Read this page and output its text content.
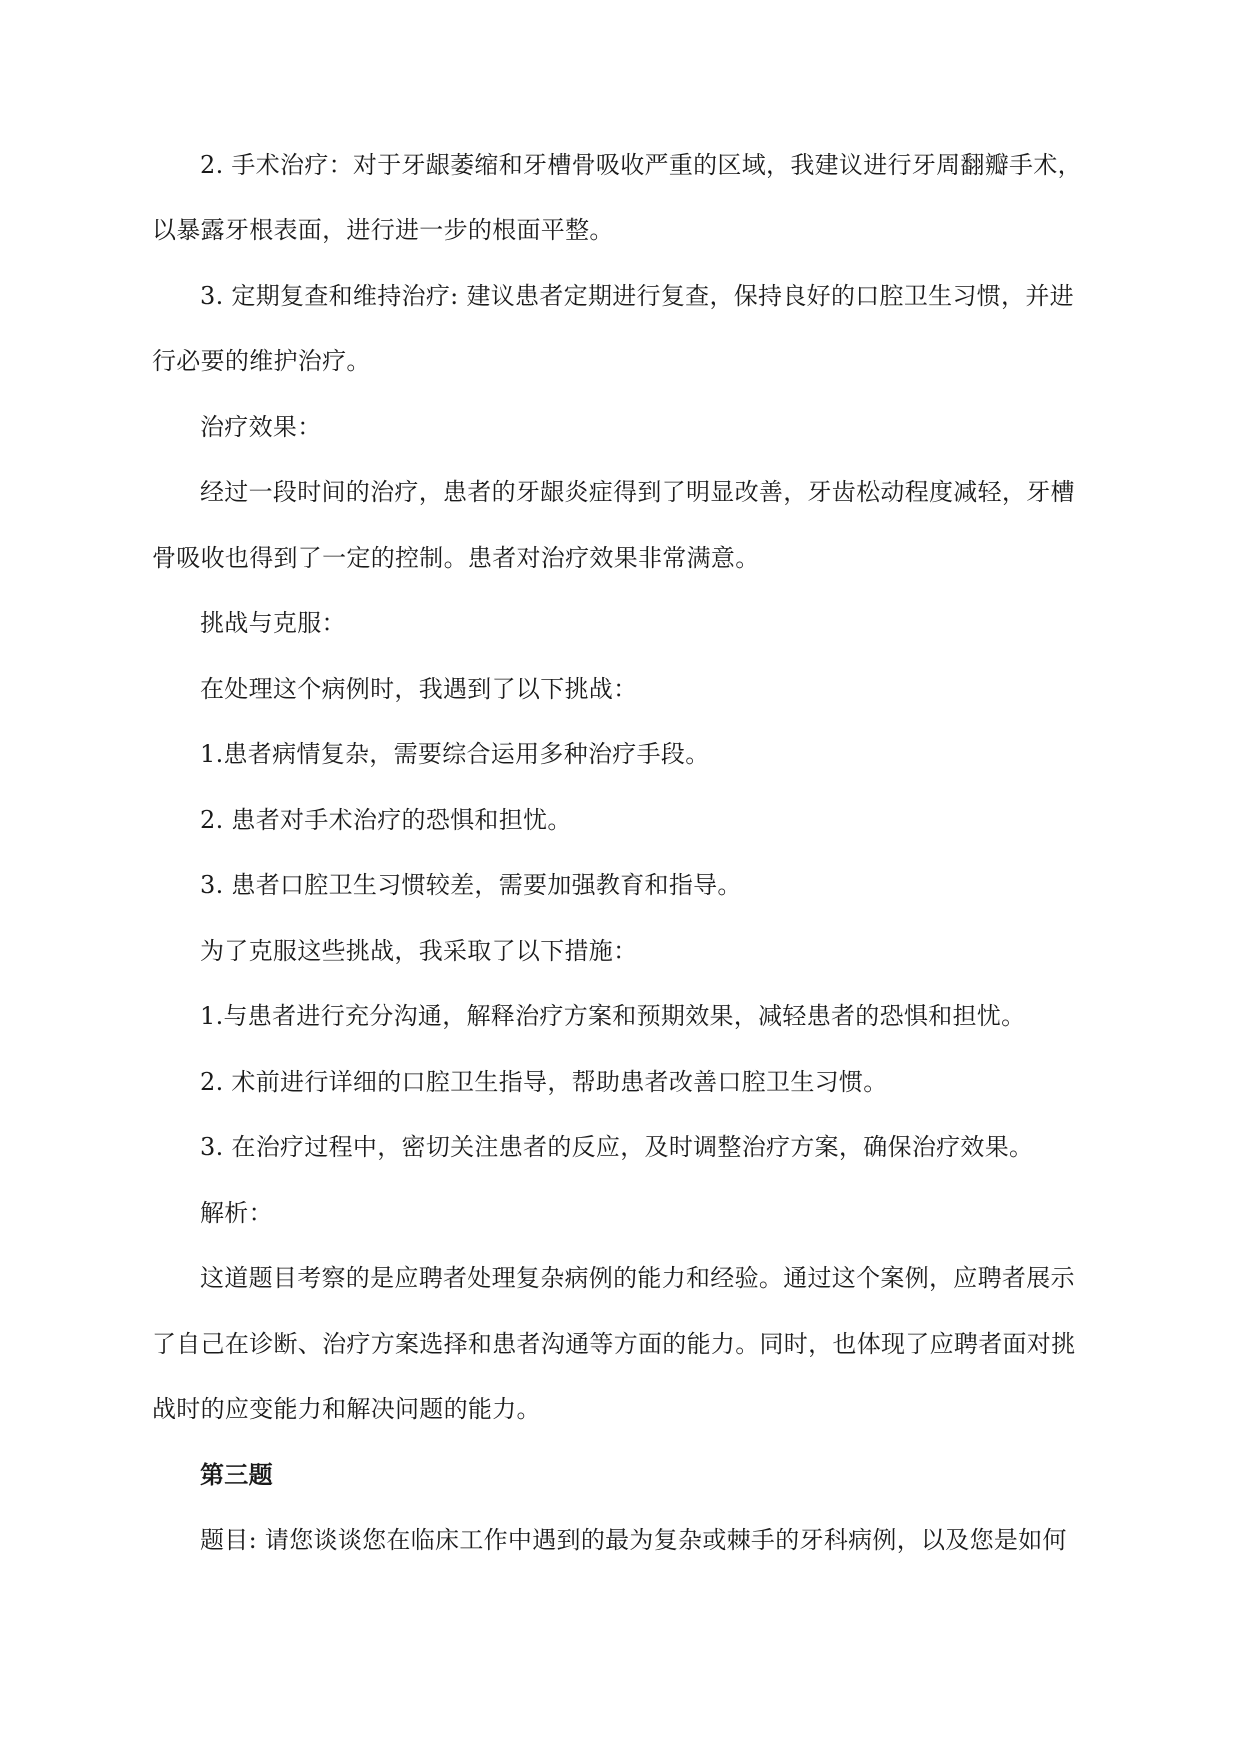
2. 手术治疗：对于牙龈萎缩和牙槽骨吸收严重的区域，我建议进行牙周翻瓣手术，
以暴露牙根表面，进行进一步的根面平整。
3. 定期复查和维持治疗: 建议患者定期进行复查，保持良好的口腔卫生习惯，并进
行必要的维护治疗。
治疗效果：
经过一段时间的治疗，患者的牙龈炎症得到了明显改善，牙齿松动程度减轻，牙槽
骨吸收也得到了一定的控制。患者对治疗效果非常满意。
挑战与克服：
在处理这个病例时，我遇到了以下挑战：
1.患者病情复杂，需要综合运用多种治疗手段。
2. 患者对手术治疗的恐惧和担忧。
3. 患者口腔卫生习惯较差，需要加强教育和指导。
为了克服这些挑战，我采取了以下措施：
1.与患者进行充分沟通，解释治疗方案和预期效果，减轻患者的恐惧和担忧。
2. 术前进行详细的口腔卫生指导，帮助患者改善口腔卫生习惯。
3. 在治疗过程中，密切关注患者的反应，及时调整治疗方案，确保治疗效果。
解析：
这道题目考察的是应聘者处理复杂病例的能力和经验。通过这个案例，应聘者展示
了自己在诊断、治疗方案选择和患者沟通等方面的能力。同时，也体现了应聘者面对挑
战时的应变能力和解决问题的能力。
第三题
题目: 请您谈谈您在临床工作中遇到的最为复杂或棘手的牙科病例，以及您是如何
